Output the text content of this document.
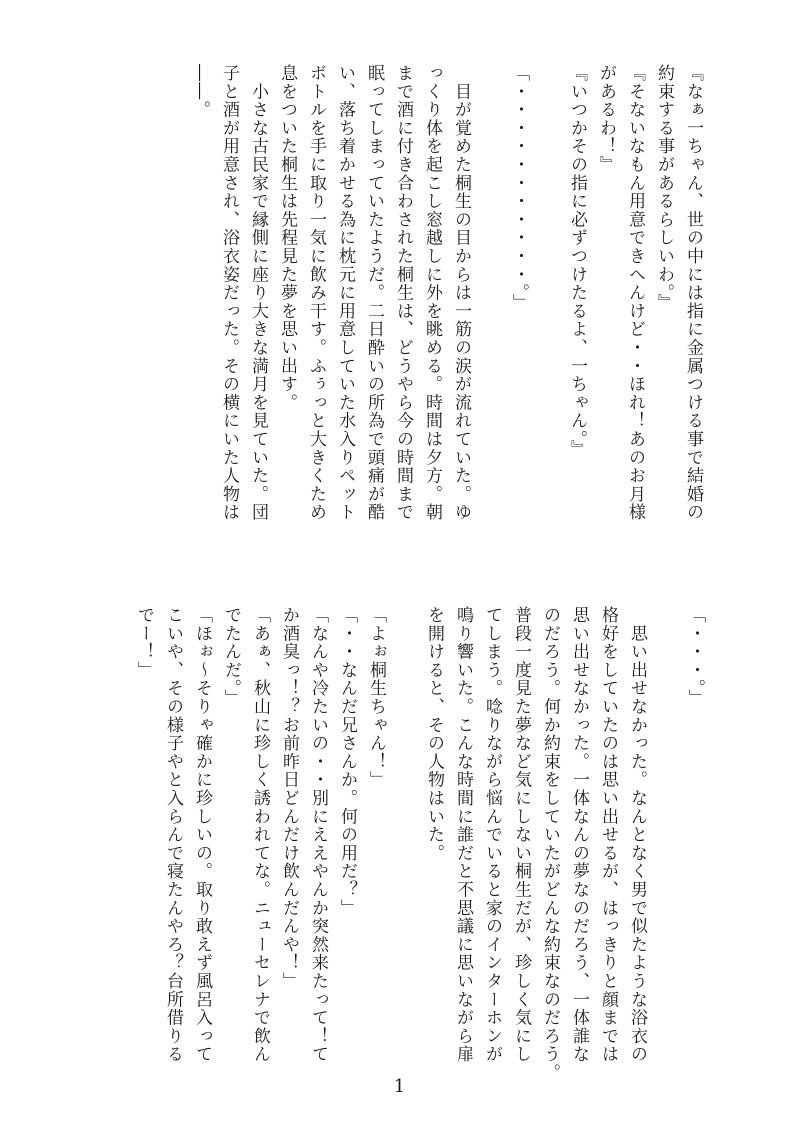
『なぁ一ちゃん、世の中には指に金属つける事で結婚の
約束する事があるらしいわ。』
『そないなもん用意できへんけど・・ほれ！あのお月様
があるわ！』
『いつかその指に必ずつけたるよ、一ちゃん。』
「・・・・・・・・・・・。」
　目が覚めた桐生の目からは一筋の涙が流れていた。ゆ
っくり体を起こし窓越しに外を眺める。時間は夕方。朝
まで酒に付き合わされた桐生は、どうやら今の時間まで
眠ってしまっていたようだ。二日酔いの所為で頭痛が酷
い、落ち着かせる為に枕元に用意していた水入りペット
ボトルを手に取り一気に飲み干す。ふぅっと大きくため
息をついた桐生は先程見た夢を思い出す。
　小さな古民家で縁側に座り大きな満月を見ていた。団
子と酒が用意され、浴衣姿だった。その横にいた人物は
――。
「・・・。」
　思い出せなかった。なんとなく男で似たような浴衣の
格好をしていたのは思い出せるが、はっきりと顔までは
思い出せなかった。一体なんの夢なのだろう、一体誰な
のだろう。何か約束をしていたがどんな約束なのだろう。
普段一度見た夢など気にしない桐生だが、珍しく気にし
てしまう。唸りながら悩んでいると家のインターホンが
鳴り響いた。こんな時間に誰だと不思議に思いながら扉
を開けると、その人物はいた。
「よぉ桐生ちゃん！」
「・・なんだ兄さんか。何の用だ？」
「なんや冷たいの・・別にええやんか突然来たって！て
か酒臭っ！？お前昨日どんだけ飲んだんや！」
「あぁ、秋山に珍しく誘われてな。ニューセレナで飲ん
でたんだ。」
「ほぉ～そりゃ確かに珍しいの。取り敢えず風呂入って
こいや、その様子やと入らんで寝たんやろ？台所借りる
でー！」
1
